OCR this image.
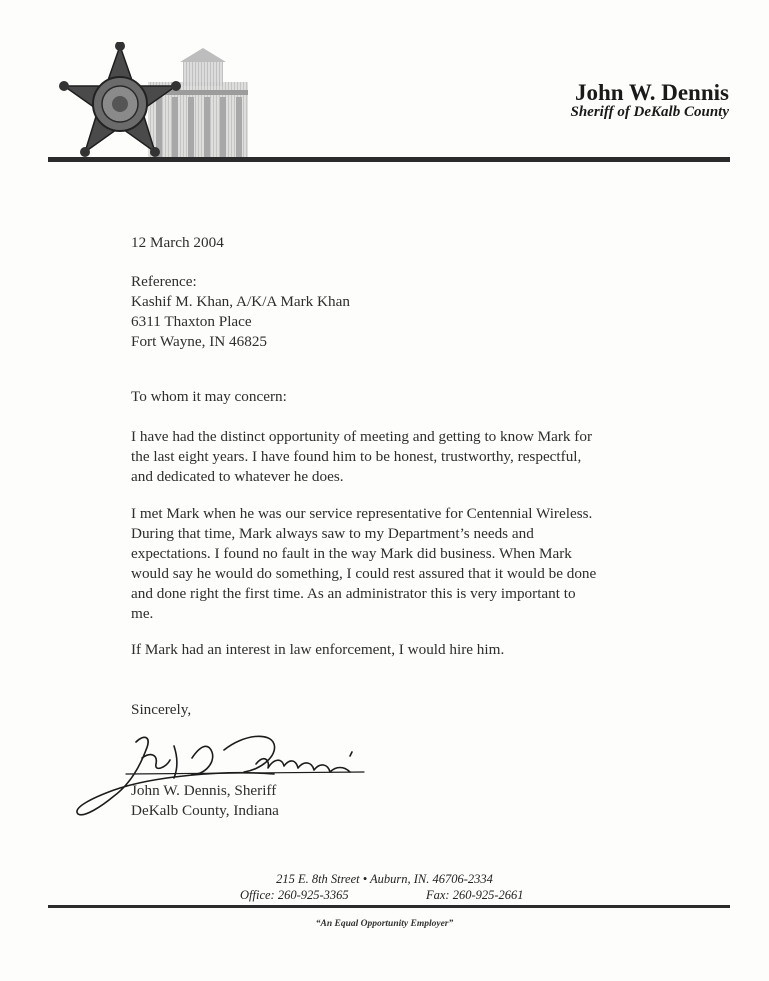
John W. Dennis
Sheriff of DeKalb County

12 March 2004

Reference:
Kashif M. Khan, A/K/A Mark Khan
6311 Thaxton Place
Fort Wayne, IN 46825

To whom it may concern:

I have had the distinct opportunity of meeting and getting to know Mark for
the last eight years. I have found him to be honest, trustworthy, respectful,
and dedicated to whatever he does.
I met Mark when he was our service representative for Centennial Wireless.
During that time, Mark always saw to my Department’s needs and
expectations. I found no fault in the way Mark did business. When Mark
would say he would do something, I could rest assured that it would be done
and done right the first time. As an administrator this is very important to
me.
If Mark had an interest in law enforcement, I would hire him.

Sincerely,

John W. Dennis, Sheriff
DeKalb County, Indiana
215 E. 8th Street • Auburn, IN. 46706-2334
Office: 260-925-3365	Fax: 260-925-2661
“An Equal Opportunity Employer”
